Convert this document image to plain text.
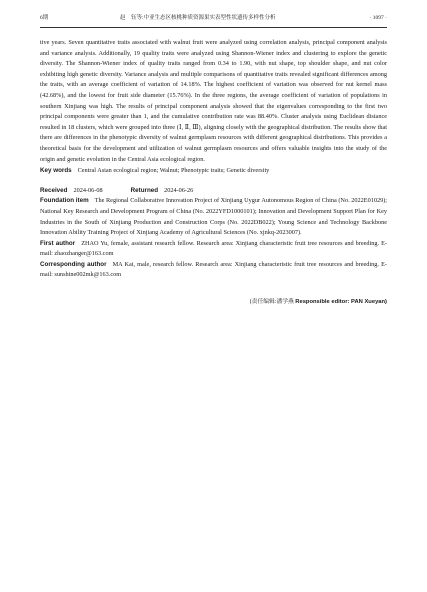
6期	赵　钰等:中亚生态区核桃种质资源果实表型性状遗传多样性分析	· 1097 ·

tive years. Seven quantitative traits associated with walnut fruit were analyzed using correlation analysis, principal component analysis and variance analysis. Additionally, 19 quality traits were analyzed using Shannon-Wiener index and clustering to explore the genetic diversity. The Shannon-Wiener index of quality traits ranged from 0.34 to 1.90, with nut shape, top shoulder shape, and nut color exhibiting high genetic diversity. Variance analysis and multiple comparisons of quantitative traits revealed significant differences among the traits, with an average coefficient of variation of 14.18%. The highest coefficient of variation was observed for nut kernel mass (42.68%), and the lowest for fruit side diameter (15.76%). In the three regions, the average coefficient of variation of populations in southern Xinjiang was high. The results of principal component analysis showed that the eigenvalues corresponding to the first two principal components were greater than 1, and the cumulative contribution rate was 88.40%. Cluster analysis using Euclidean distance resulted in 18 clusters, which were grouped into three (Ⅰ, Ⅱ, Ⅲ), aligning closely with the geographical distribution. The results show that there are differences in the phenotypic diversity of walnut germplasm resources with different geographical distributions. This provides a theoretical basis for the development and utilization of walnut germplasm resources and offers valuable insights into the study of the origin and genetic evolution in the Central Asia ecological region.

Key words Central Asian ecological region; Walnut; Phenotypic traits; Genetic diversity

Received 2024-06-08	Returned 2024-06-26

Foundation item The Regional Collaborative Innovation Project of Xinjiang Uygur Autonomous Region of China (No. 2022E01029); National Key Research and Development Program of China (No. 2022YFD1000101); Innovation and Development Support Plan for Key Industries in the South of Xinjiang Production and Construction Corps (No. 2022DB022); Young Science and Technology Backbone Innovation Ability Training Project of Xinjiang Academy of Agricultural Sciences (No. xjnkq-2023007).

First author ZHAO Yu, female, assistant research fellow. Research area: Xinjiang characteristic fruit tree resources and breeding. E-mail: zhaozhanger@163.com

Corresponding author MA Kai, male, research fellow. Research area: Xinjiang characteristic fruit tree resources and breeding. E-mail: sunshine002mk@163.com

(责任编辑:潘学燕 Responsible editor: PAN Xueyan)
